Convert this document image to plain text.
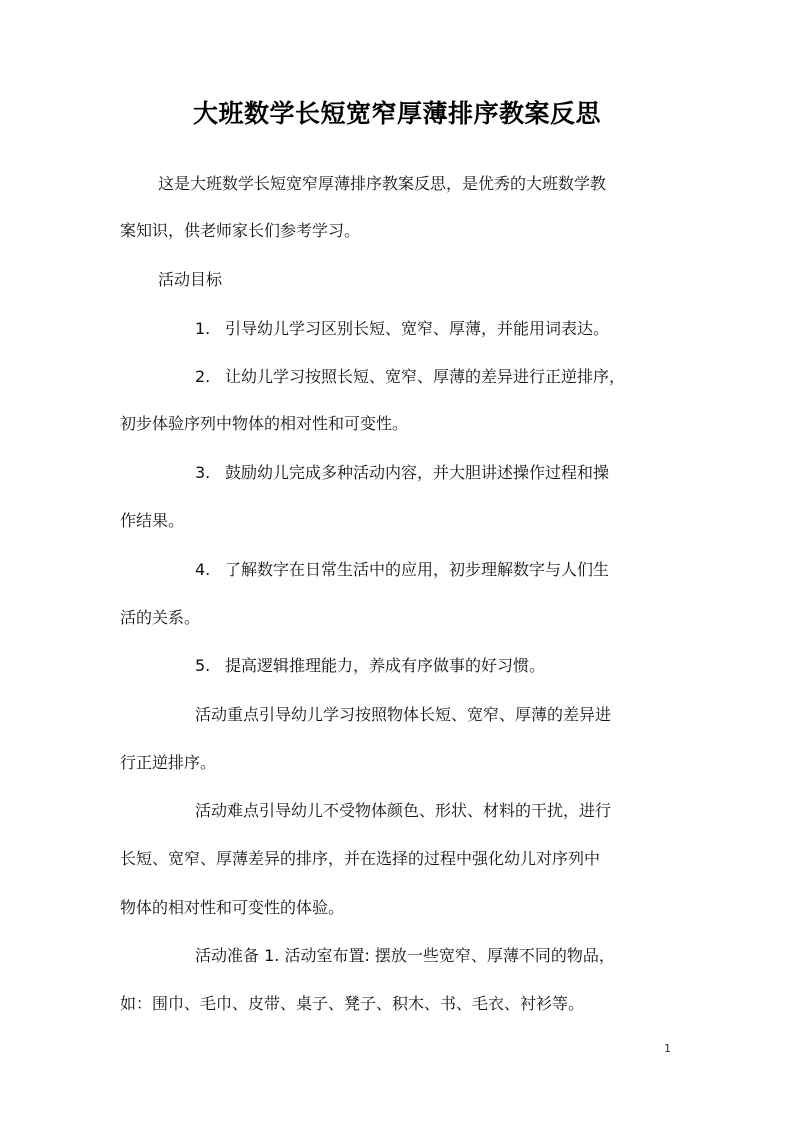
大班数学长短宽窄厚薄排序教案反思
这是大班数学长短宽窄厚薄排序教案反思，是优秀的大班数学教
案知识，供老师家长们参考学习。
活动目标
1. 引导幼儿学习区别长短、宽窄、厚薄，并能用词表达。
2. 让幼儿学习按照长短、宽窄、厚薄的差异进行正逆排序，
初步体验序列中物体的相对性和可变性。
3. 鼓励幼儿完成多种活动内容，并大胆讲述操作过程和操
作结果。
4. 了解数字在日常生活中的应用，初步理解数字与人们生
活的关系。
5. 提高逻辑推理能力，养成有序做事的好习惯。
活动重点引导幼儿学习按照物体长短、宽窄、厚薄的差异进
行正逆排序。
活动难点引导幼儿不受物体颜色、形状、材料的干扰，进行
长短、宽窄、厚薄差异的排序，并在选择的过程中强化幼儿对序列中
物体的相对性和可变性的体验。
活动准备 1. 活动室布置: 摆放一些宽窄、厚薄不同的物品，
如：围巾、毛巾、皮带、桌子、凳子、积木、书、毛衣、衬衫等。
1
